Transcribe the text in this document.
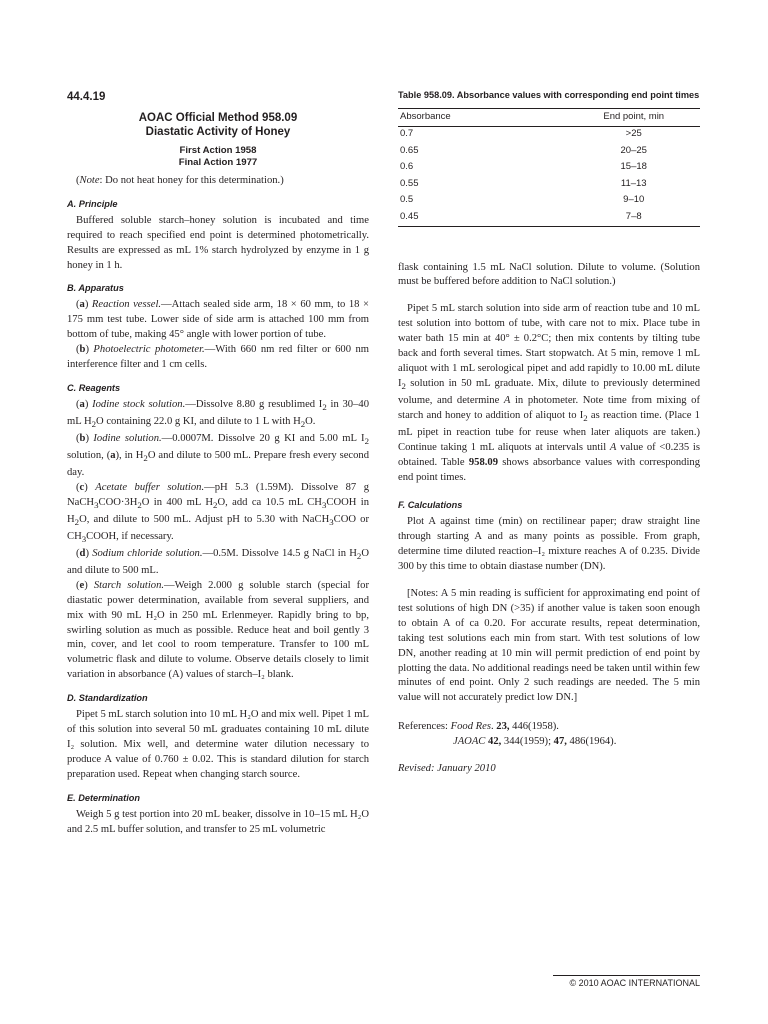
44.4.19
AOAC Official Method 958.09
Diastatic Activity of Honey
First Action 1958
Final Action 1977

(Note: Do not heat honey for this determination.)

A. Principle

Buffered soluble starch–honey solution is incubated and time required to reach specified end point is determined photometrically. Results are expressed as mL 1% starch hydrolyzed by enzyme in 1 g honey in 1 h.

B. Apparatus

(a) Reaction vessel.—Attach sealed side arm, 18 × 60 mm, to 18 × 175 mm test tube. Lower side of side arm is attached 100 mm from bottom of tube, making 45° angle with lower portion of tube.

(b) Photoelectric photometer.—With 660 nm red filter or 600 nm interference filter and 1 cm cells.

C. Reagents

(a) Iodine stock solution.—Dissolve 8.80 g resublimed $I_2$ in 30–40 mL $H_2O$ containing 22.0 g KI, and dilute to 1 L with $H_2O$.

(b) Iodine solution.—0.0007M. Dissolve 20 g KI and 5.00 mL $I_2$ solution, (a), in $H_2O$ and dilute to 500 mL. Prepare fresh every second day.

(c) Acetate buffer solution.—pH 5.3 (1.59M). Dissolve 87 g $NaCH_3COO\cdot 3H_2O$ in 400 mL $H_2O$, add ca 10.5 mL $CH_3COOH$ in $H_2O$, and dilute to 500 mL. Adjust pH to 5.30 with NaCH$_3$COO or $CH_3COOH$, if necessary.

(d) Sodium chloride solution.—0.5M. Dissolve 14.5 g NaCl in $H_2O$ and dilute to 500 mL.

(e) Starch solution.—Weigh 2.000 g soluble starch (special for diastatic power determination, available from several suppliers, and mix with 90 mL H₂O in 250 mL Erlenmeyer. Rapidly bring to bp, swirling solution as much as possible. Reduce heat and boil gently 3 min, cover, and let cool to room temperature. Transfer to 100 mL volumetric flask and dilute to volume. Observe details closely to limit variation in absorbance (A) values of starch–I₂ blank.

D. Standardization

Pipet 5 mL starch solution into 10 mL H₂O and mix well. Pipet 1 mL of this solution into several 50 mL graduates containing 10 mL dilute I₂ solution. Mix well, and determine water dilution necessary to produce A value of 0.760 ± 0.02. This is standard dilution for starch preparation used. Repeat when changing starch source.

E. Determination

Weigh 5 g test portion into 20 mL beaker, dissolve in 10–15 mL H₂O and 2.5 mL buffer solution, and transfer to 25 mL volumetric

Table 958.09. Absorbance values with corresponding end point times
Absorbance	End point, min
0.7	>25
0.65	20–25
0.6	15–18
0.55	11–13
0.5	9–10
0.45	7–8

flask containing 1.5 mL NaCl solution. Dilute to volume. (Solution must be buffered before addition to NaCl solution.)

Pipet 5 mL starch solution into side arm of reaction tube and 10 mL test solution into bottom of tube, with care not to mix. Place tube in water bath 15 min at 40° ± 0.2°C; then mix contents by tilting tube back and forth several times. Start stopwatch. At 5 min, remove 1 mL aliquot with 1 mL serological pipet and add rapidly to 10.00 mL dilute $I_2$ solution in 50 mL graduate. Mix, dilute to previously determined volume, and determine A in photometer. Note time from mixing of starch and honey to addition of aliquot to $I_2$ as reaction time. (Place 1 mL pipet in reaction tube for reuse when later aliquots are taken.) Continue taking 1 mL aliquots at intervals until A value of <0.235 is obtained. Table 958.09 shows absorbance values with corresponding end point times.

F. Calculations

Plot A against time (min) on rectilinear paper; draw straight line through starting A and as many points as possible. From graph, determine time diluted reaction–I₂ mixture reaches A of 0.235. Divide 300 by this time to obtain diastase number (DN).

[Notes: A 5 min reading is sufficient for approximating end point of test solutions of high DN (>35) if another value is taken soon enough to obtain A of ca 0.20. For accurate results, repeat determination, taking test solutions each min from start. With test solutions of low DN, another reading at 10 min will permit prediction of end point by plotting the data. No additional readings need be taken until within few minutes of end point. Only 2 such readings are needed. The 5 min value will not accurately predict low DN.]

References: Food Res. 23, 446(1958).
JAOAC 42, 344(1959); 47, 486(1964).
Revised: January 2010
© 2010 AOAC INTERNATIONAL
